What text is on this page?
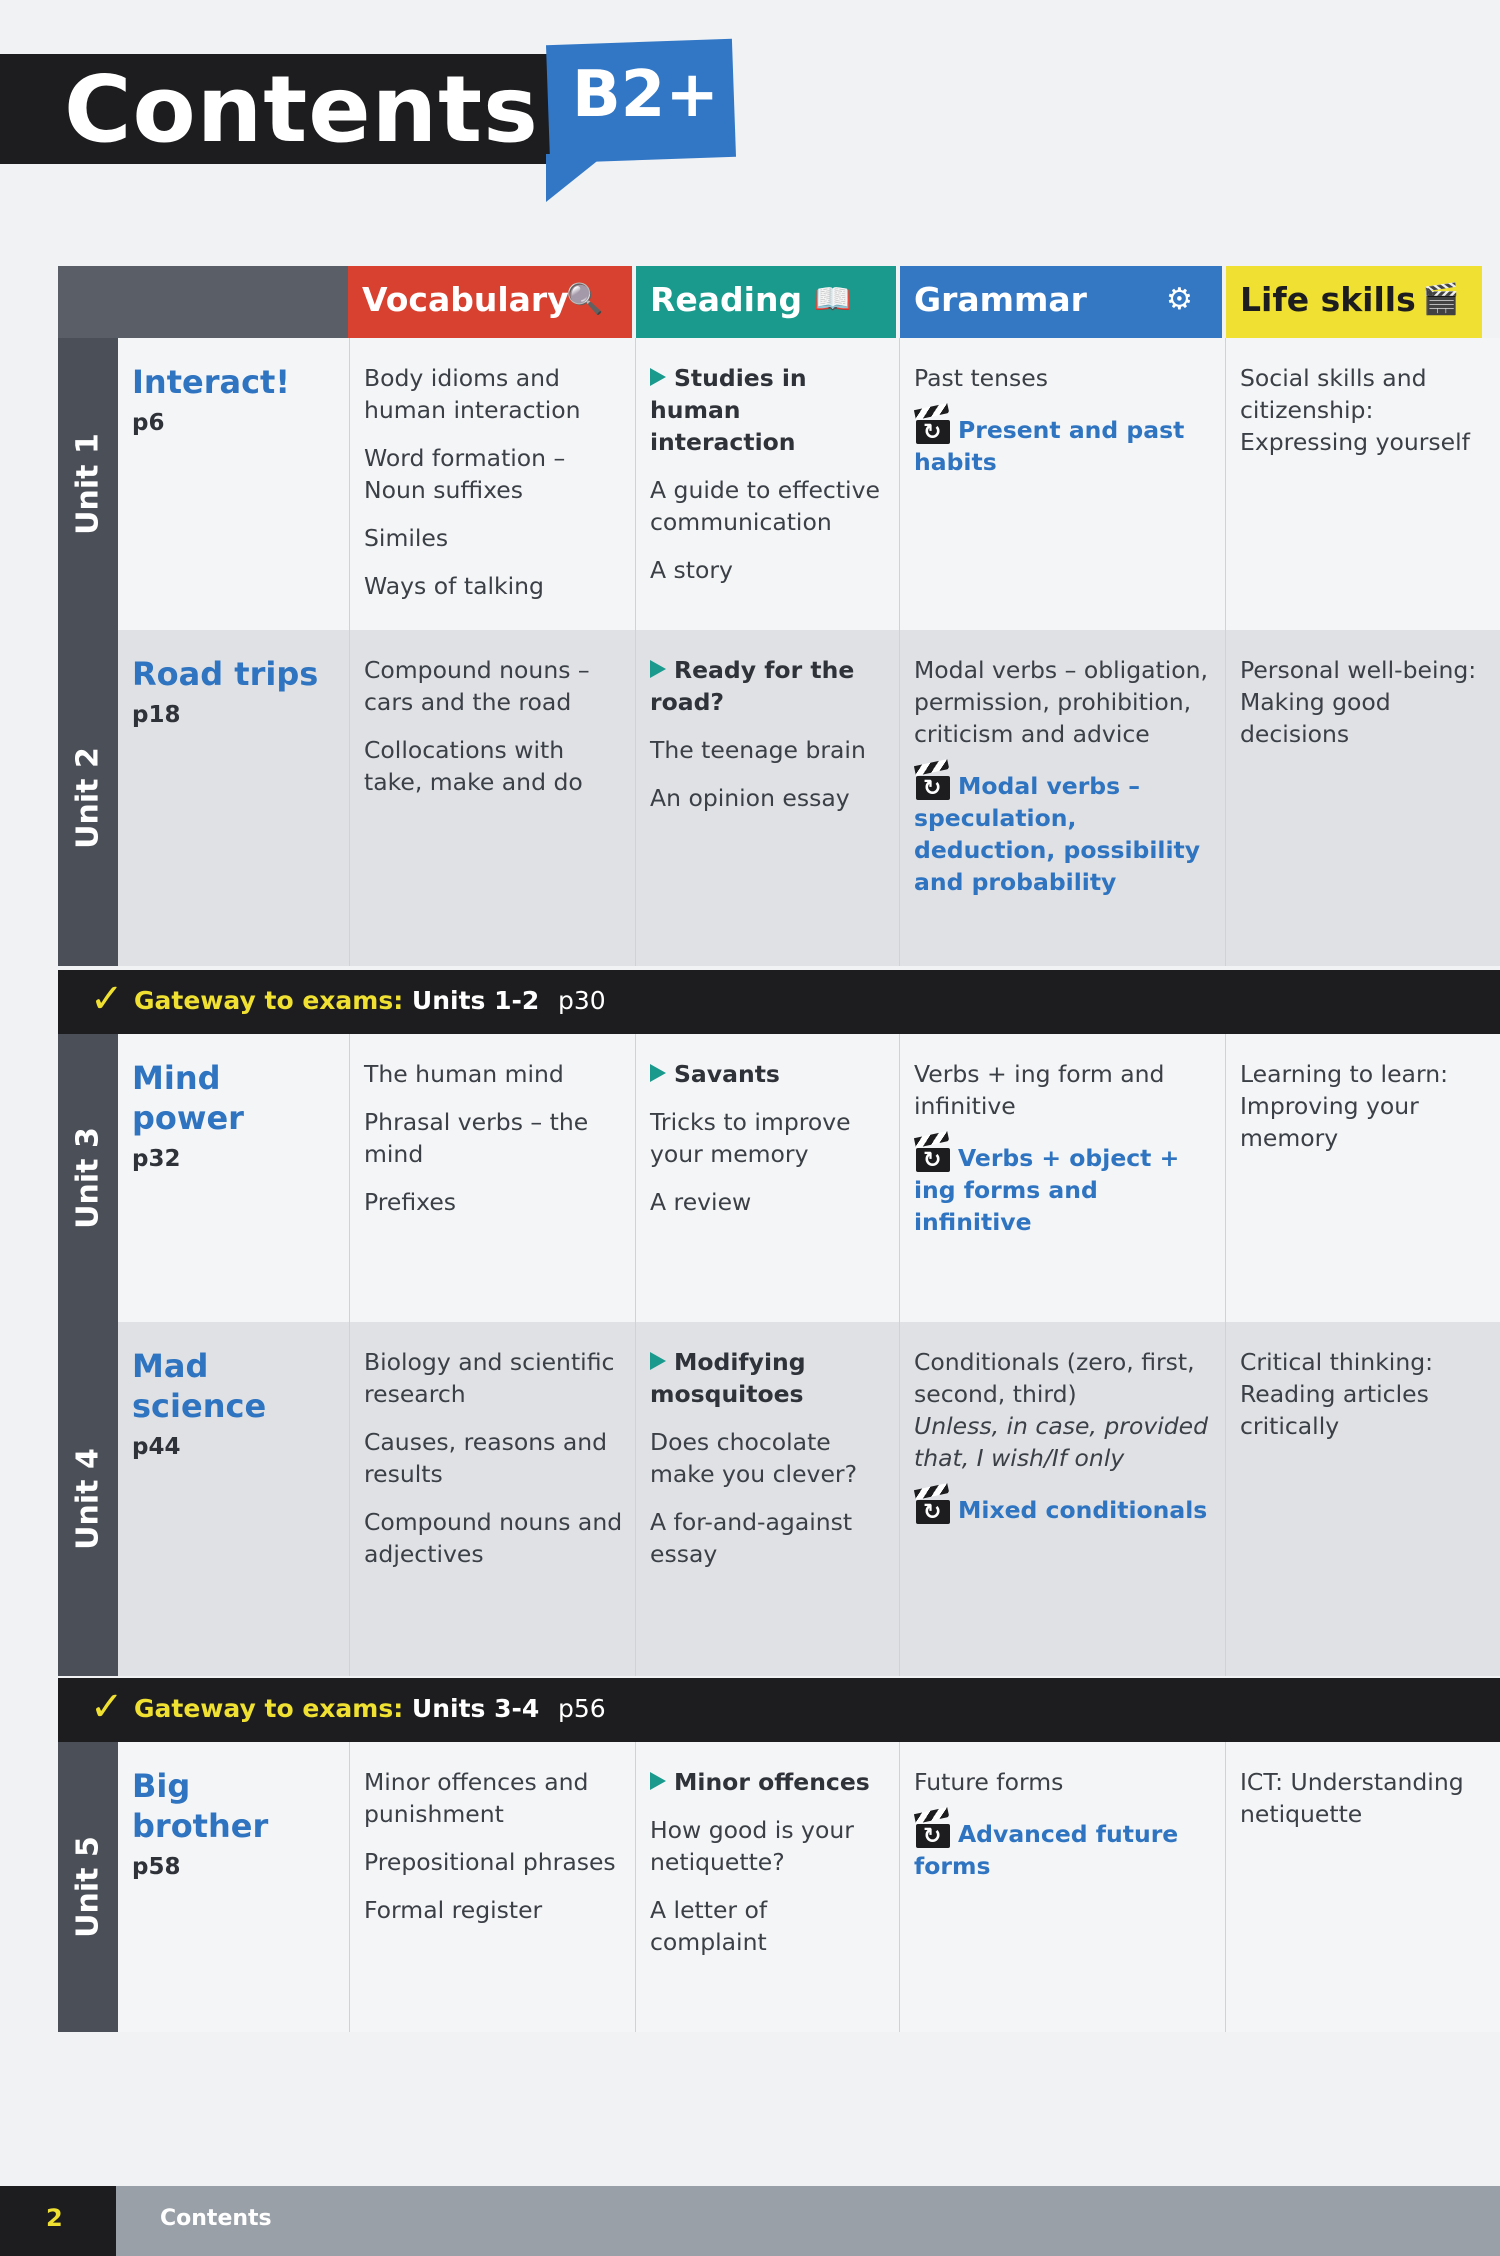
Contents B2+
Vocabulary
🔍 Reading 📖 Grammar	⚙ Life skills 🎬
Unit 1
Interact!
p6
Body idioms and human interaction
Word formation – Noun suffixes
Similes
Ways of talking
Studies in human interaction
A guide to effective communication
A story
Past tenses
↻
Present and past habits
Social skills and citizenship: Expressing yourself
Unit 2
Road trips
p18
Compound nouns – cars and the road
Collocations with take, make and do
Ready for the road?
The teenage brain
An opinion essay
Modal verbs – obligation, permission, prohibition, criticism and advice
↻
Modal verbs – speculation, deduction, possibility and probability
Personal well-being: Making good decisions
✓ Gateway to exams: Units 1-2 p30
Unit 3
Mind power
p32
The human mind
Phrasal verbs – the mind
Prefixes
Savants
Tricks to improve your memory
A review
Verbs + ing form and infinitive
↻
Verbs + object + ing forms and infinitive
Learning to learn: Improving your memory
Unit 4
Mad science
p44
Biology and scientific research
Causes, reasons and results
Compound nouns and adjectives
Modifying mosquitoes
Does chocolate make you clever?
A for-and-against essay
Conditionals (zero, first, second, third)
Unless, in case, provided that, I wish/If only
↻
Mixed conditionals
Critical thinking: Reading articles critically
✓ Gateway to exams: Units 3-4 p56
Unit 5
Big brother
p58
Minor offences and punishment
Prepositional phrases
Formal register
Minor offences
How good is your netiquette?
A letter of complaint
Future forms
↻
Advanced future forms
ICT: Understanding netiquette
2	Contents
